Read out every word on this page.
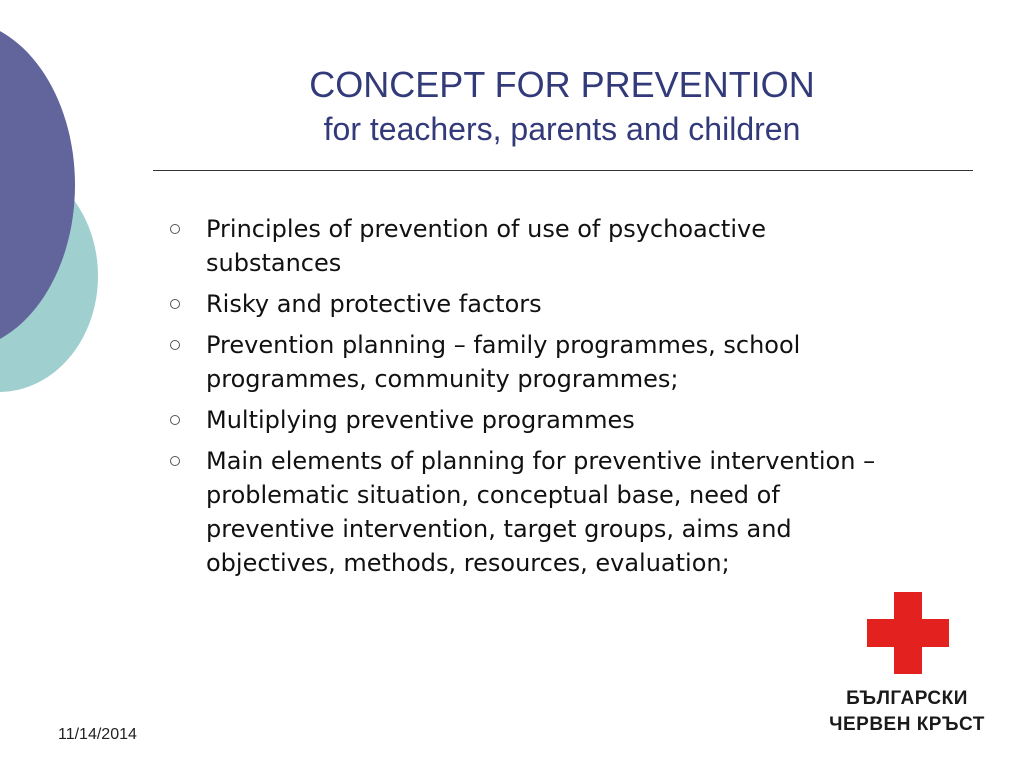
CONCEPT FOR PREVENTION
for teachers, parents and children
Principles of prevention of use of psychoactive substances
Risky and protective factors
Prevention planning – family programmes, school programmes, community programmes;
Multiplying preventive programmes
Main elements of planning for preventive intervention – problematic situation, conceptual base, need of preventive intervention, target groups, aims and objectives, methods, resources, evaluation;
11/14/2014
БЪЛГАРСКИ
ЧЕРВЕН КРЪСТ
